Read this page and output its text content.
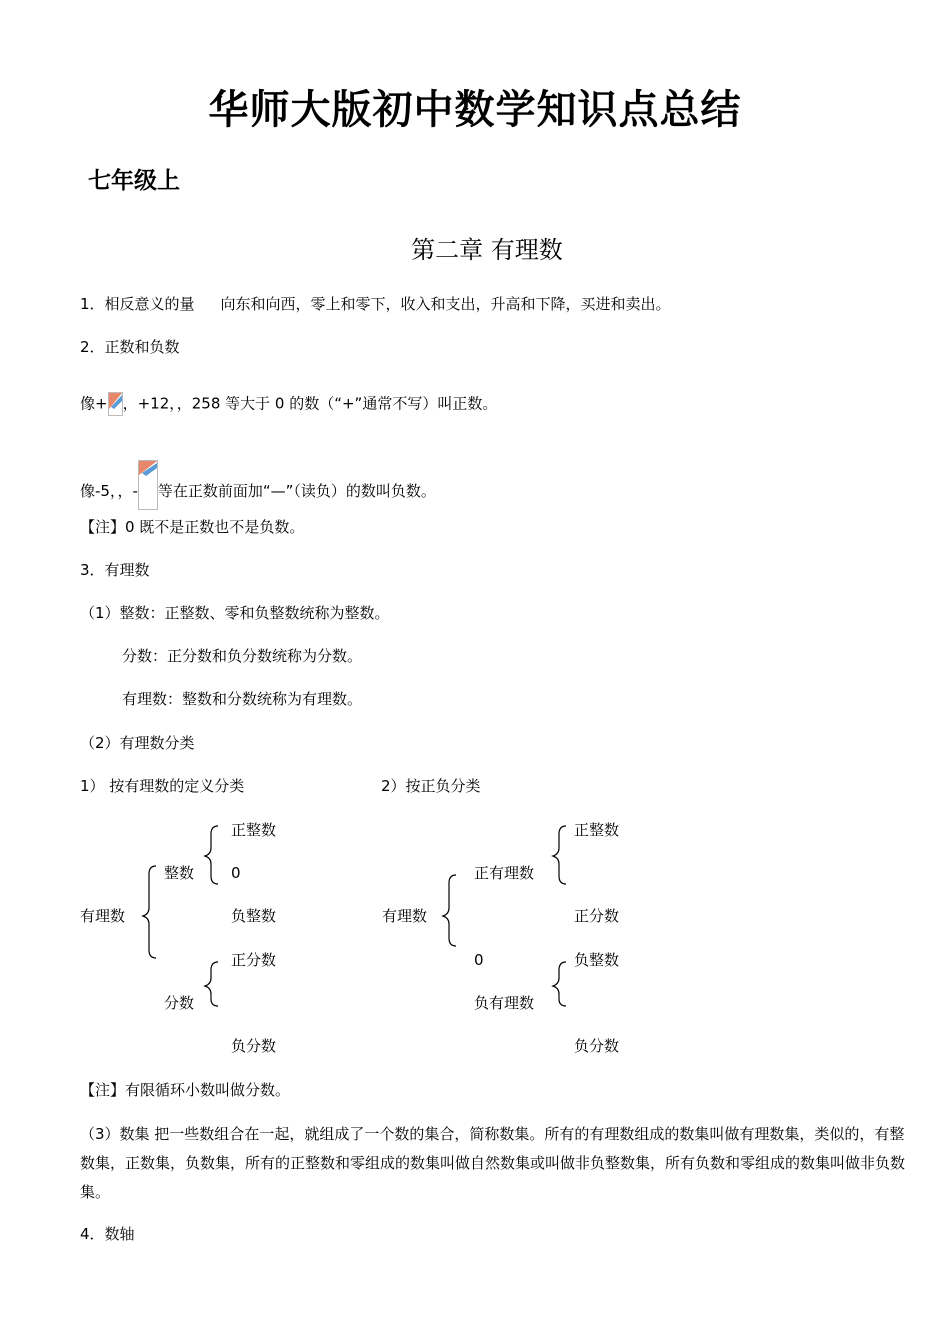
华师大版初中数学知识点总结
七年级上
第二章 有理数
1．相反意义的量 向东和向西，零上和零下，收入和支出，升高和下降，买进和卖出。
2．正数和负数
像+ ，+12，，258 等大于 0 的数（“+”通常不写）叫正数。
像-5，，- 等在正数前面加“—”（读负）的数叫负数。
【注】0 既不是正数也不是负数。
3．有理数
（1）整数：正整数、零和负整数统称为整数。
分数：正分数和负分数统称为分数。
有理数：整数和分数统称为有理数。
（2）有理数分类
1） 按有理数的定义分类	2）按正负分类
正整数
整数 0
有理数	负整数
正分数
分数
负分数
正整数
正有理数
有理数	正分数
0	负整数
负有理数
负分数
【注】有限循环小数叫做分数。
（3）数集 把一些数组合在一起，就组成了一个数的集合，简称数集。所有的有理数组成的数集叫做有理数集，类似的，有整数集，正数集，负数集，所有的正整数和零组成的数集叫做自然数集或叫做非负整数集，所有负数和零组成的数集叫做非负数集。
4．数轴
